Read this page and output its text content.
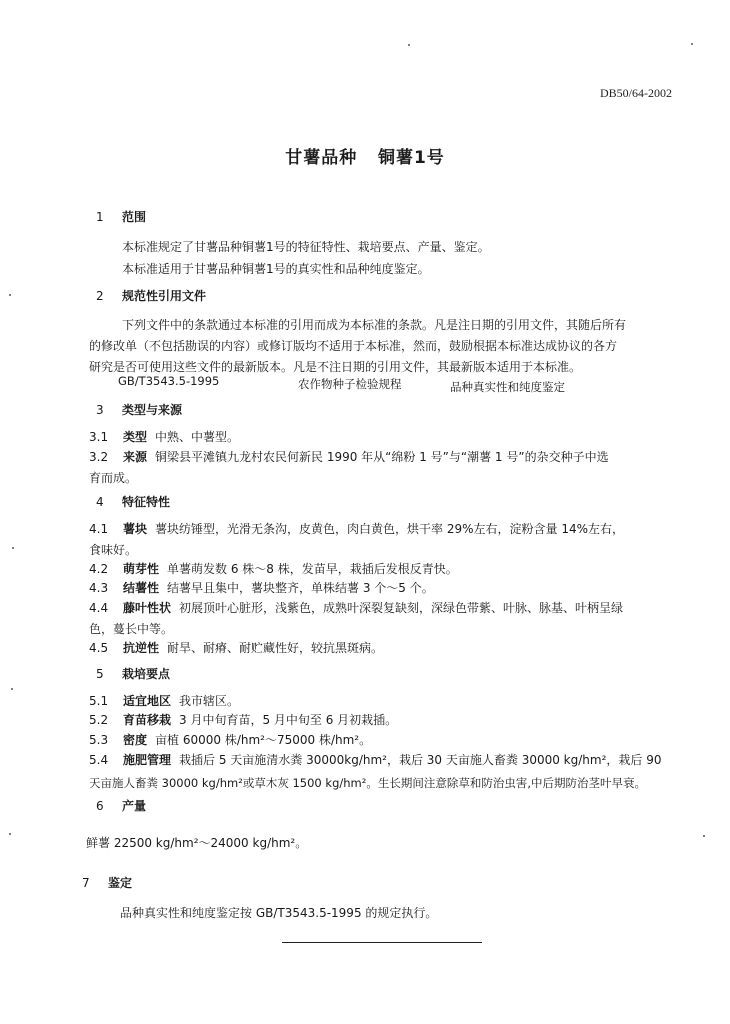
DB50/64-2002
甘薯品种   铜薯1号
1 范围
本标准规定了甘薯品种铜薯1号的特征特性、栽培要点、产量、鉴定。
本标准适用于甘薯品种铜薯1号的真实性和品种纯度鉴定。
2 规范性引用文件
下列文件中的条款通过本标准的引用而成为本标准的条款。凡是注日期的引用文件，其随后所有
的修改单（不包括勘误的内容）或修订版均不适用于本标准，然而，鼓励根据本标准达成协议的各方
研究是否可使用这些文件的最新版本。凡是不注日期的引用文件，其最新版本适用于本标准。
GB/T3543.5-1995	农作物种子检验规程	品种真实性和纯度鉴定
3 类型与来源
3.1 类型 中熟、中薯型。
3.2 来源 铜梁县平滩镇九龙村农民何新民 1990 年从“绵粉 1 号”与“潮薯 1 号”的杂交种子中选
育而成。
4 特征特性
4.1 薯块 薯块纺锤型，光滑无条沟，皮黄色，肉白黄色，烘干率 29%左右，淀粉含量 14%左右，
食味好。
4.2 萌芽性 单薯萌发数 6 株～8 株，发苗早，栽插后发根反青快。
4.3 结薯性 结薯早且集中，薯块整齐，单株结薯 3 个～5 个。
4.4 藤叶性状 初展顶叶心脏形，浅紫色，成熟叶深裂复缺刻，深绿色带紫、叶脉、脉基、叶柄呈绿
色，蔓长中等。
4.5 抗逆性 耐旱、耐瘠、耐贮藏性好，较抗黑斑病。
5 栽培要点
5.1 适宜地区 我市辖区。
5.2 育苗移栽 3 月中旬育苗，5 月中旬至 6 月初栽插。
5.3 密度 亩植 60000 株/hm²～75000 株/hm²。
5.4 施肥管理 栽插后 5 天亩施清水粪 30000kg/hm²，栽后 30 天亩施人畜粪 30000 kg/hm²，栽后 90
天亩施人畜粪 30000 kg/hm²或草木灰 1500 kg/hm²。生长期间注意除草和防治虫害,中后期防治茎叶早衰。
6 产量
鲜薯 22500 kg/hm²～24000 kg/hm²。
7 鉴定
品种真实性和纯度鉴定按 GB/T3543.5-1995 的规定执行。
